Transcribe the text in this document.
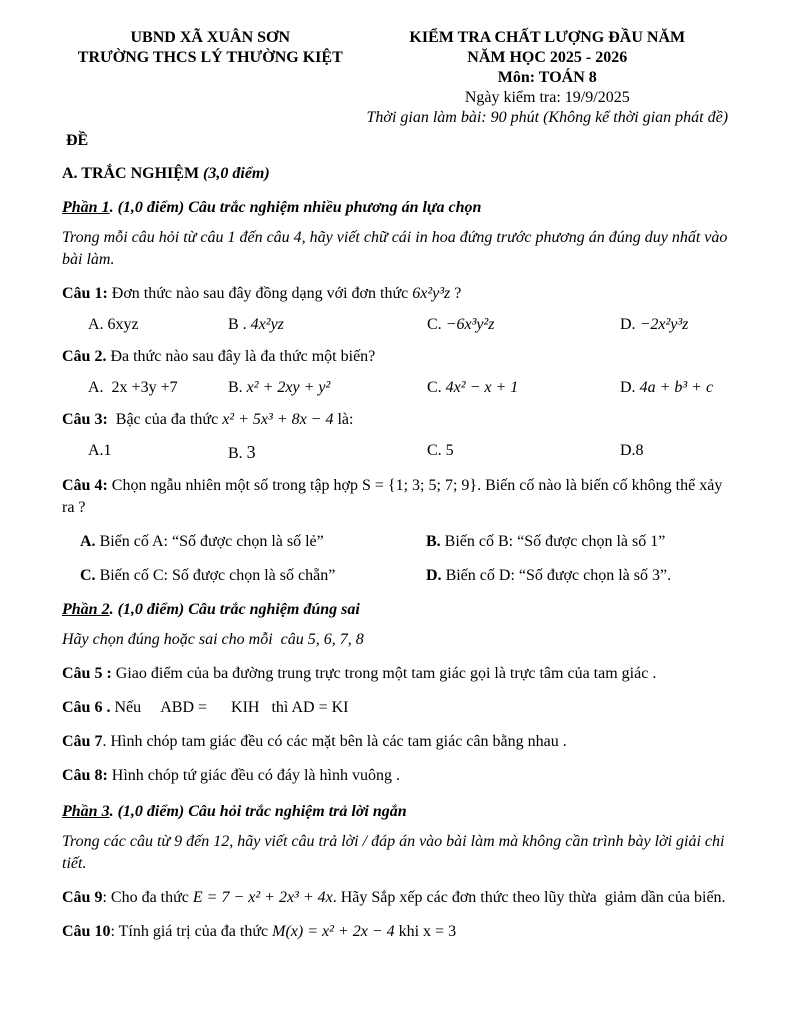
UBND XÃ XUÂN SƠN
TRƯỜNG THCS LÝ THƯỜNG KIỆT
KIỂM TRA CHẤT LƯỢNG ĐẦU NĂM
NĂM HỌC 2025 - 2026
Môn: TOÁN 8
Ngày kiểm tra: 19/9/2025
Thời gian làm bài: 90 phút (Không kể thời gian phát đề)
ĐỀ

A. TRẮC NGHIỆM (3,0 điểm)

Phần 1. (1,0 điểm) Câu trắc nghiệm nhiều phương án lựa chọn

Trong mỗi câu hỏi từ câu 1 đến câu 4, hãy viết chữ cái in hoa đứng trước phương án đúng duy nhất vào bài làm.

Câu 1: Đơn thức nào sau đây đồng dạng với đơn thức 6x²y³z ?

A. 6xyz	B . 4x²yz	C. −6x³y²z	D. −2x²y³z

Câu 2. Đa thức nào sau đây là đa thức một biến?

A.  2x +3y +7	B. x² + 2xy + y²	C. 4x² − x + 1	D. 4a + b³ + c

Câu 3:  Bậc của đa thức x² + 5x³ + 8x − 4 là:

A.1	B. 3	C. 5	D.8

Câu 4: Chọn ngẫu nhiên một số trong tập hợp S = {1; 3; 5; 7; 9}. Biến cố nào là biến cố không thể xảy ra ?

A. Biến cố A: “Số được chọn là số lẻ”	B. Biến cố B: “Số được chọn là số 1”
C. Biến cố C: Số được chọn là số chẵn”	D. Biến cố D: “Số được chọn là số 3”.

Phần 2. (1,0 điểm) Câu trắc nghiệm đúng sai

Hãy chọn đúng hoặc sai cho mỗi  câu 5, 6, 7, 8

Câu 5 : Giao điểm của ba đường trung trực trong một tam giác gọi là trực tâm của tam giác .

Câu 6 . Nếu     ABD =      KIH   thì AD = KI

Câu 7. Hình chóp tam giác đều có các mặt bên là các tam giác cân bằng nhau .

Câu 8: Hình chóp tứ giác đều có đáy là hình vuông .

Phần 3. (1,0 điểm) Câu hỏi trắc nghiệm trả lời ngắn

Trong các câu từ 9 đến 12, hãy viết câu trả lời / đáp án vào bài làm mà không cần trình bày lời giải chi tiết.

Câu 9: Cho đa thức E = 7 − x² + 2x³ + 4x. Hãy Sắp xếp các đơn thức theo lũy thừa  giảm dần của biến.

Câu 10: Tính giá trị của đa thức M(x) = x² + 2x − 4 khi x = 3
